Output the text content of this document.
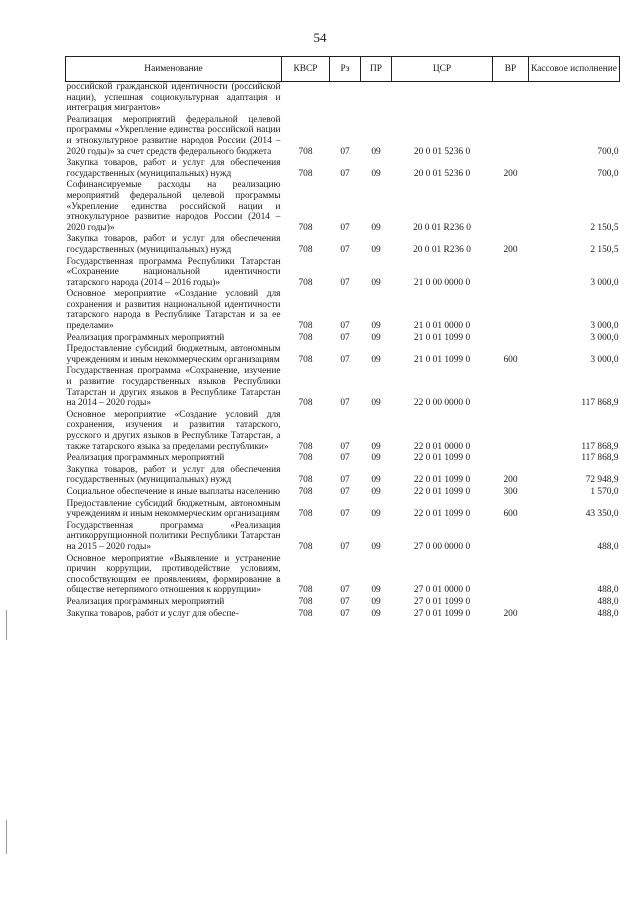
54
Наименование	КВСР	Рз	ПР	ЦСР	ВР	Кассовое исполнение
российской гражданской идентичности (российской нации), успешная социокультурная адаптация и интеграция мигрантов»						
Реализация мероприятий федеральной целевой программы «Укрепление единства российской нации и этнокультурное развитие народов России (2014 – 2020 годы)» за счет средств федерального бюджета	708	07	09	20 0 01 5236 0		700,0
Закупка товаров, работ и услуг для обеспечения государственных (муниципальных) нужд	708	07	09	20 0 01 5236 0	200	700,0
Софинансируемые расходы на реализацию мероприятий федеральной целевой программы «Укрепление единства российской нации и этнокультурное развитие народов России (2014 – 2020 годы)»	708	07	09	20 0 01 R236 0		2 150,5
Закупка товаров, работ и услуг для обеспечения государственных (муниципальных) нужд	708	07	09	20 0 01 R236 0	200	2 150,5
Государственная программа Республики Татарстан «Сохранение национальной идентичности татарского народа (2014 – 2016 годы)»	708	07	09	21 0 00 0000 0		3 000,0
Основное мероприятие «Создание условий для сохранения и развития национальной идентичности татарского народа в Республике Татарстан и за ее пределами»	708	07	09	21 0 01 0000 0		3 000,0
Реализация программных мероприятий	708	07	09	21 0 01 1099 0		3 000,0
Предоставление субсидий бюджетным, автономным учреждениям и иным некоммерческим организациям	708	07	09	21 0 01 1099 0	600	3 000,0
Государственная программа «Сохранение, изучение и развитие государственных языков Республики Татарстан и других языков в Республике Татарстан на 2014 – 2020 годы»	708	07	09	22 0 00 0000 0		117 868,9
Основное мероприятие «Создание условий для сохранения, изучения и развития татарского, русского и других языков в Республике Татарстан, а также татарского языка за пределами республики»	708	07	09	22 0 01 0000 0		117 868,9
Реализация программных мероприятий	708	07	09	22 0 01 1099 0		117 868,9
Закупка товаров, работ и услуг для обеспечения государственных (муниципальных) нужд	708	07	09	22 0 01 1099 0	200	72 948,9
Социальное обеспечение и иные выплаты населению	708	07	09	22 0 01 1099 0	300	1 570,0
Предоставление субсидий бюджетным, автономным учреждениям и иным некоммерческим организациям	708	07	09	22 0 01 1099 0	600	43 350,0
Государственная программа «Реализация антикоррупционной политики Республики Татарстан на 2015 – 2020 годы»	708	07	09	27 0 00 0000 0		488,0
Основное мероприятие «Выявление и устранение причин коррупции, противодействие условиям, способствующим ее проявлениям, формирование в обществе нетерпимого отношения к коррупции»	708	07	09	27 0 01 0000 0		488,0
Реализация программных мероприятий	708	07	09	27 0 01 1099 0		488,0
Закупка товаров, работ и услуг для обеспе-	708	07	09	27 0 01 1099 0	200	488,0
